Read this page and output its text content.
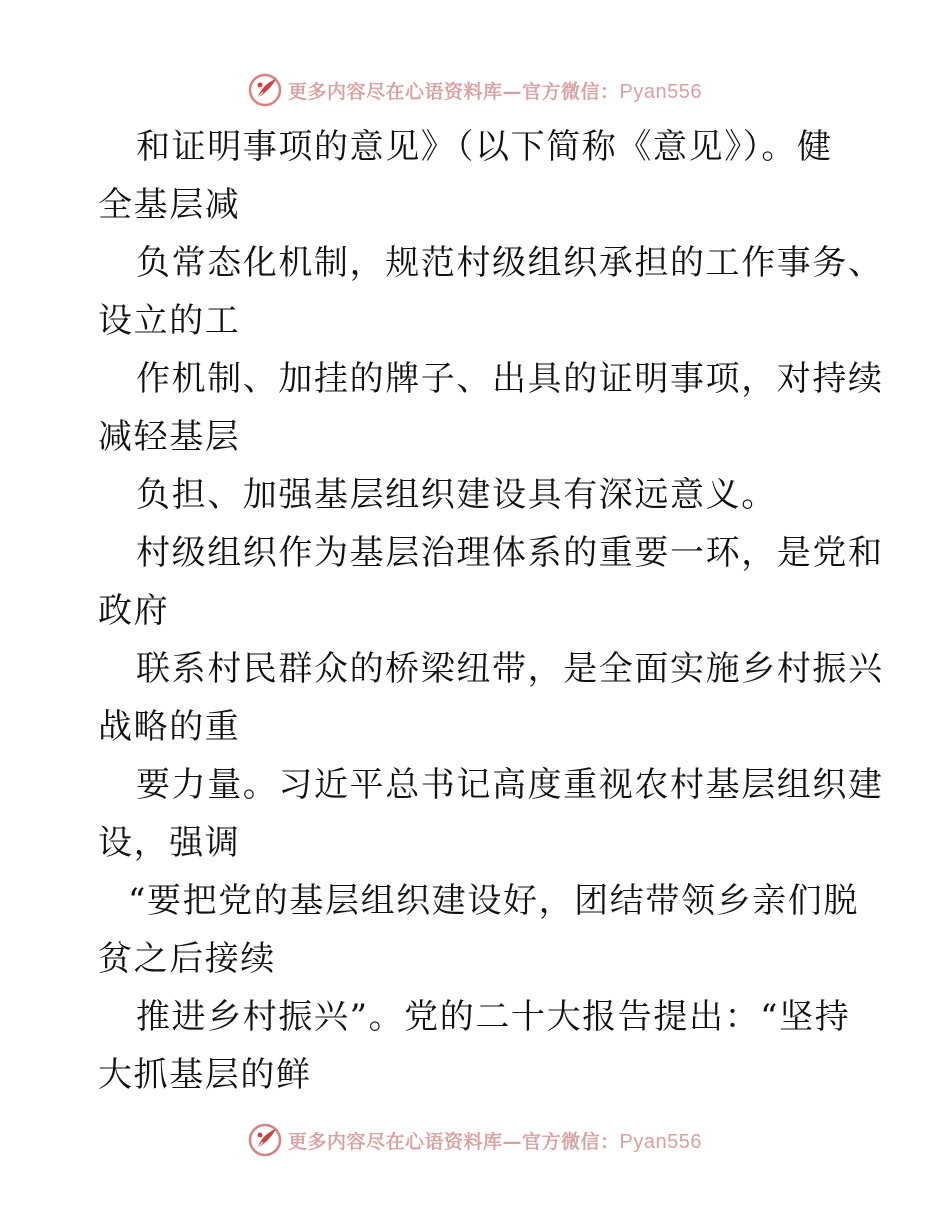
更多内容尽在心语资料库—官方微信：Pyan556
和证明事项的意见》（以下简称《意见》）。健
全基层减
负常态化机制，规范村级组织承担的工作事务、
设立的工
作机制、加挂的牌子、出具的证明事项，对持续
减轻基层
负担、加强基层组织建设具有深远意义。
村级组织作为基层治理体系的重要一环，是党和
政府
联系村民群众的桥梁纽带，是全面实施乡村振兴
战略的重
要力量。习近平总书记高度重视农村基层组织建
设，强调
“要把党的基层组织建设好，团结带领乡亲们脱
贫之后接续
推进乡村振兴”。党的二十大报告提出：“坚持
大抓基层的鲜
更多内容尽在心语资料库—官方微信：Pyan556
